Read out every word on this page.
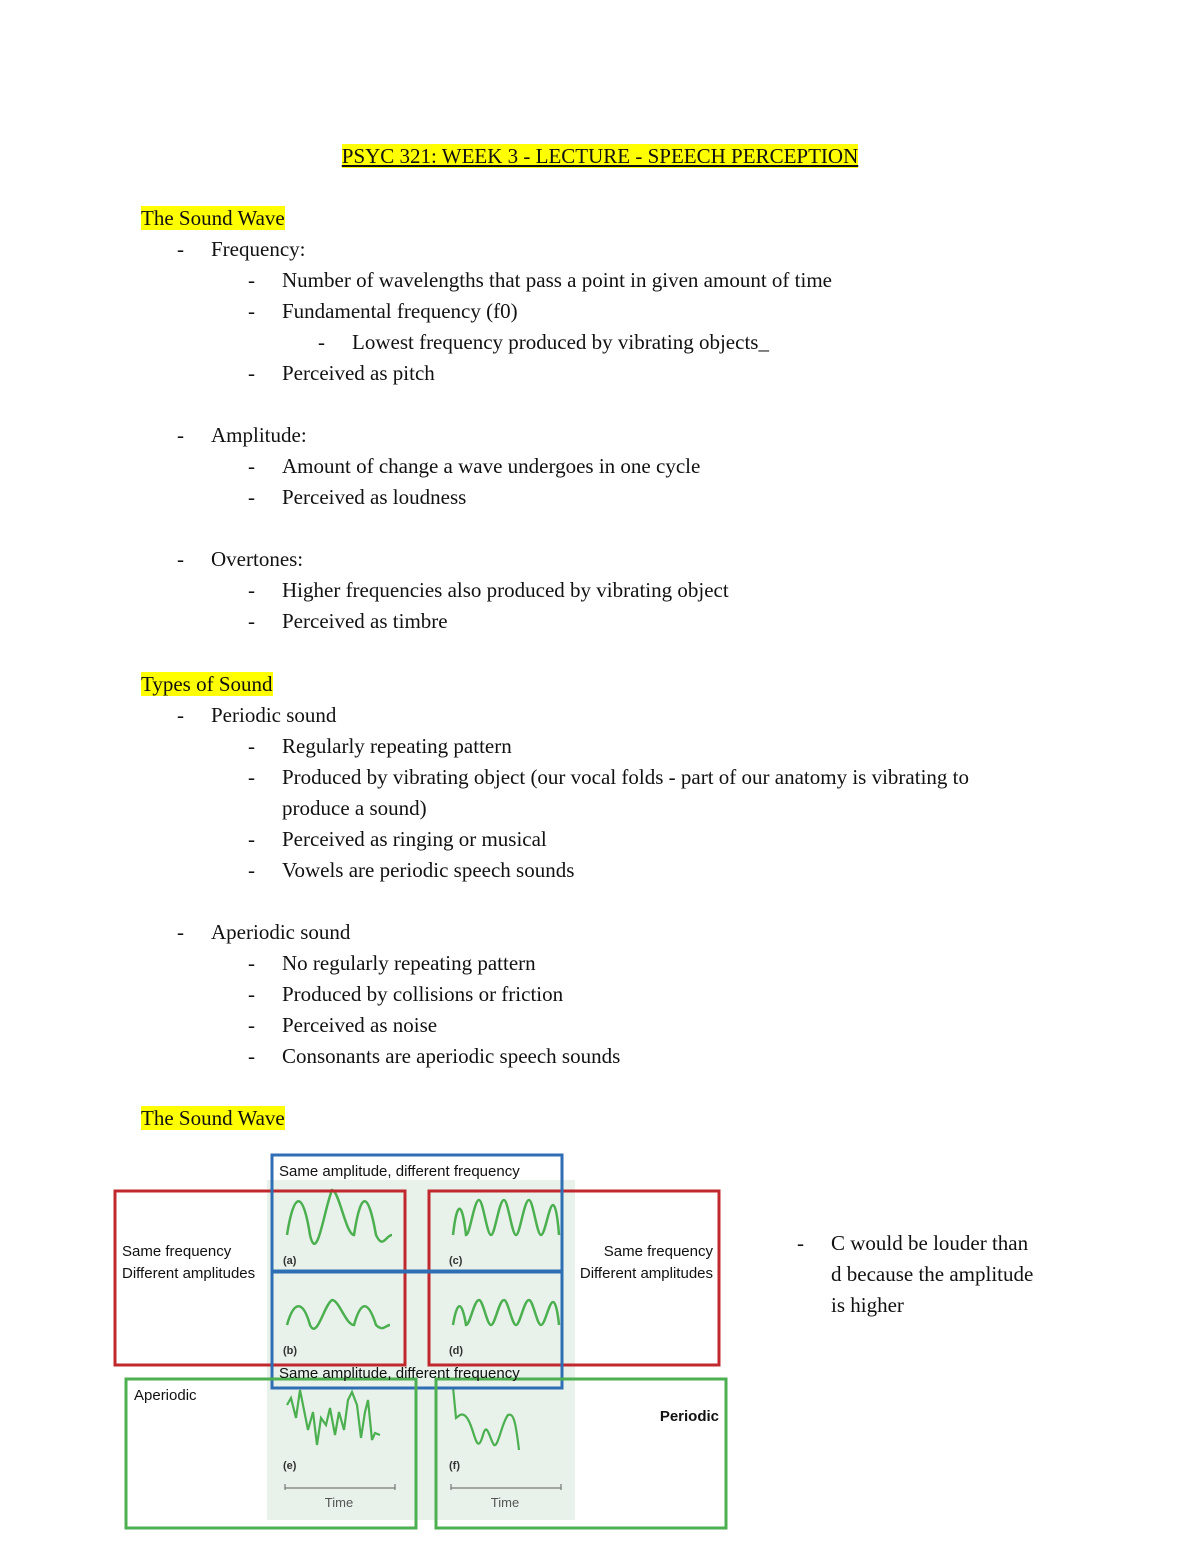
PSYC 321: WEEK 3 - LECTURE - SPEECH PERCEPTION
The Sound Wave
- Frequency:
- Number of wavelengths that pass a point in given amount of time
- Fundamental frequency (f0)
- Lowest frequency produced by vibrating objects_
- Perceived as pitch
- Amplitude:
- Amount of change a wave undergoes in one cycle
- Perceived as loudness
- Overtones:
- Higher frequencies also produced by vibrating object
- Perceived as timbre
Types of Sound
- Periodic sound
- Regularly repeating pattern
- Produced by vibrating object (our vocal folds - part of our anatomy is vibrating to
produce a sound)
- Perceived as ringing or musical
- Vowels are periodic speech sounds
- Aperiodic sound
- No regularly repeating pattern
- Produced by collisions or friction
- Perceived as noise
- Consonants are aperiodic speech sounds
The Sound Wave
Same amplitude, different frequency
Same amplitude, different frequency
Same frequency
Different amplitudes
Same frequency
Different amplitudes
Aperiodic
Periodic
(a)	(c)
(b)	(d)
(e)	(f)
Time	Time
- C would be louder than
d because the amplitude
is higher
